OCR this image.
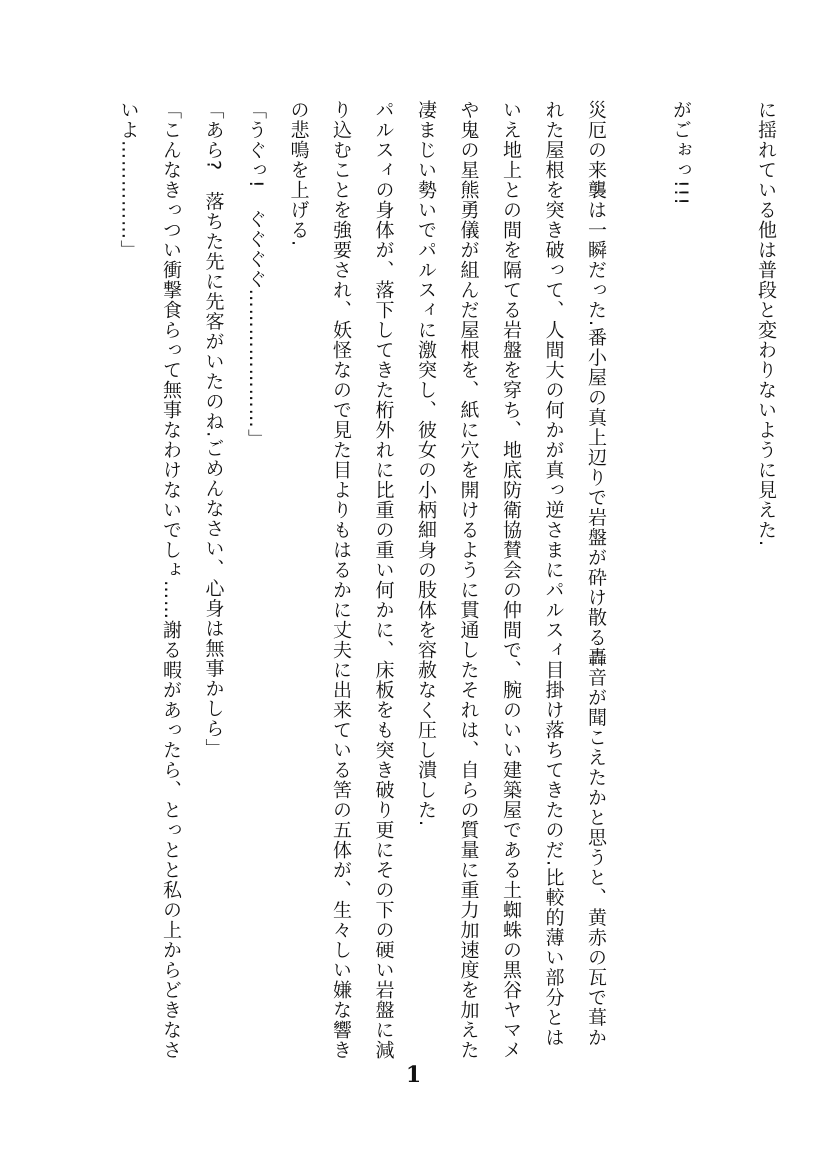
に揺れている他は普段と変わりないように見えた.

がごぉっ!!!

災厄の来襲は一瞬だった.番小屋の真上辺りで岩盤が砕け散る轟音が聞こえたかと思うと、黄赤の瓦で葺かれた屋根を突き破って、人間大の何かが真っ逆さまにパルスィ目掛け落ちてきたのだ.比較的薄い部分とはいえ地上との間を隔てる岩盤を穿ち、地底防衛協賛会の仲間で、腕のいい建築屋である土蜘蛛の黒谷ヤマメや鬼の星熊勇儀が組んだ屋根を、紙に穴を開けるように貫通したそれは、自らの質量に重力加速度を加えた凄まじい勢いでパルスィに激突し、彼女の小柄細身の肢体を容赦なく圧し潰した.

パルスィの身体が、落下してきた桁外れに比重の重い何かに、床板をも突き破り更にその下の硬い岩盤に減り込むことを強要され、妖怪なので見た目よりもはるかに丈夫に出来ている筈の五体が、生々しい嫌な響きの悲鳴を上げる.

「うぐっ!　ぐぐぐぐ…………………」

「あら?　落ちた先に先客がいたのね.ごめんなさい、心身は無事かしら」

「こんなきっつい衝撃食らって無事なわけないでしょ……謝る暇があったら、とっとと私の上からどきなさいよ……………」

1
